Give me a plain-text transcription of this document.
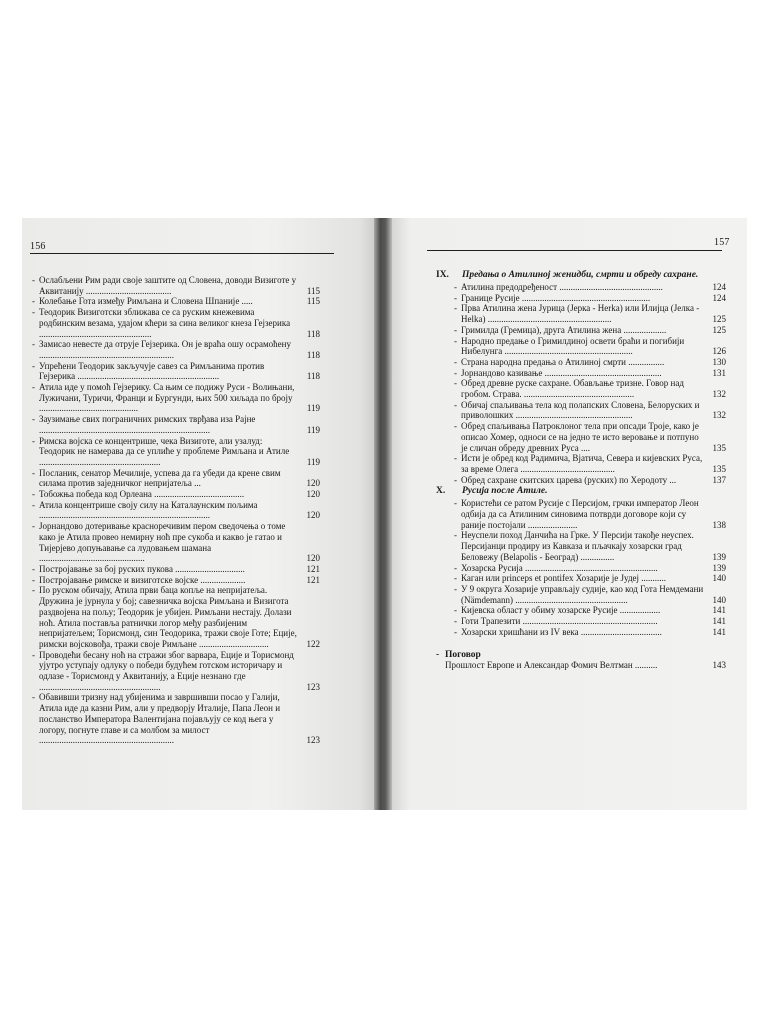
156
- Ослабљени Рим ради своје заштите од Словена, доводи Визиготе у Аквитанију ......................................	115
- Колебање Гота између Римљана и Словена Шпаније .....	115
- Теодорик Визиготски зближава се са руским кнежевима родбинским везама, удајом кћери за сина великог кнеза Гејзерика ..................................................	118
- Замисао невесте да отрује Гејзерика. Он је враћа ошу осрамоћену ............................................................	118
- Упрећени Теодорик закључује савез са Римљанима против Гејзерика ...............................................................	118
- Атила иде у помоћ Гејзерику. Са њим се подижу Руси - Волињани, Лужичани, Туричи, Франци и Бургунди, њих 500 хиљада по броју ............................................	119
- Заузимање свих пограничних римских тврђава иза Рајне ............................................................................	119
- Римска војска се концентрише, чека Визиготе, али узалуд: Теодорик не намерава да се уплиће у проблеме Римљана и Атиле ......................................................	119
- Посланик, сенатор Мечилије, успева да га убеди да крене свим силама против заједничког непријатеља ...	120
- Тобожња победа код Орлеана ........................................	120
- Атила концентрише своју силу на Каталаунским пољима ............................................................................	120
- Јорнандово дотеривање красноречивим пером сведочења о томе како је Атила провео немирну ноћ пре сукоба и какво је гатао и Тијерјево допуњавање са лудовањем шамана ...............................................	120
- Постројавање за бој руских пукова ...............................	121
- Постројавање римске и визиготске војске ....................	121
- По руском обичају, Атила први баца копље на непријатеља. Дружина је јурнула у бој; савезничка војска Римљана и Визигота раздвојена на пољу; Теодорик је убијен. Римљани нестају. Долази ноћ. Атила поставља ратнички логор међу разбијеним непријатељем; Торисмонд, син Теодорика, тражи своје Готе; Еције, римски војсковођа, тражи своје Римљане ...............................	122
- Проводећи бесану ноћ на стражи због варвара, Еције и Торисмонд ујутро уступају одлуку о победи будућем готском историчару и одлазе - Торисмонд у Аквитанију, а Еције незнано где ......................................................	123
- Обавивши тризну над убијенима и завршивши посао у Галији, Атила иде да казни Рим, али у предворју Италије, Папа Леон и посланство Императора Валентијана појављују се код њега у логору, погнуте главе и са молбом за милост ............................................................	123
157
IX. Предања о Атилиној женидби, смрти и обреду сахране.
- Атилина предодређеност ..............................................	124
- Границе Русије .........................................................	124
- Прва Атилина жена Јурица (Јерка - Herka) или Илијца (Јелка - Helka) .......................................................	125
- Гримилда (Гремица), друга Атилина жена ...................	125
- Народно предање о Гримилдиној освети браћи и погибији Нибелунга .........................................................	126
- Страна народна предања о Атилиној смрти ................	130
- Јорнандово казивање ....................................................	131
- Обред древне руске сахране. Обављање тризне. Говор над гробом. Страва. .................................................	132
- Обичај спаљивања тела код полапских Словена, Белоруских и приволошких ....................................................	132
- Обред спаљивања Патроклоног тела при опсади Троје, како је описао Хомер, односи се на једно те исто веровање и потпуно је сличан обреду древних Руса ....	135
- Исти је обред код Радимича, Вјатича, Севера и кијевских Руса, за време Олега ..........................................	135
- Обред сахране скитских царева (руских) по Херодоту ...	137
X. Русија после Атиле.
- Користећи се ратом Русије с Персијом, грчки император Леон одбија да са Атилиним синовима потврди договоре који су раније постојали ......................	138
- Неуспели поход Данчића на Грке. У Персији такође неуспех. Персијанци продиру из Кавказа и пљачкају хозарски град Беловежу (Belapolis - Београд) ...............	139
- Хозарска Русија ...........................................................	139
- Каган или princeps et pontifex Хозарије је Јудеј ...........	140
- У 9 округа Хозарије управљају судије, као код Гота Немдемани (Nämdemann) ..................................................	140
- Кијевска област у обиму хозарске Русије ..................	141
- Готи Трапезити ............................................................	141
- Хозарски хришћани из IV века ....................................	141
- Поговор
Прошлост Европе и Александар Фомич Велтман ..........	143
